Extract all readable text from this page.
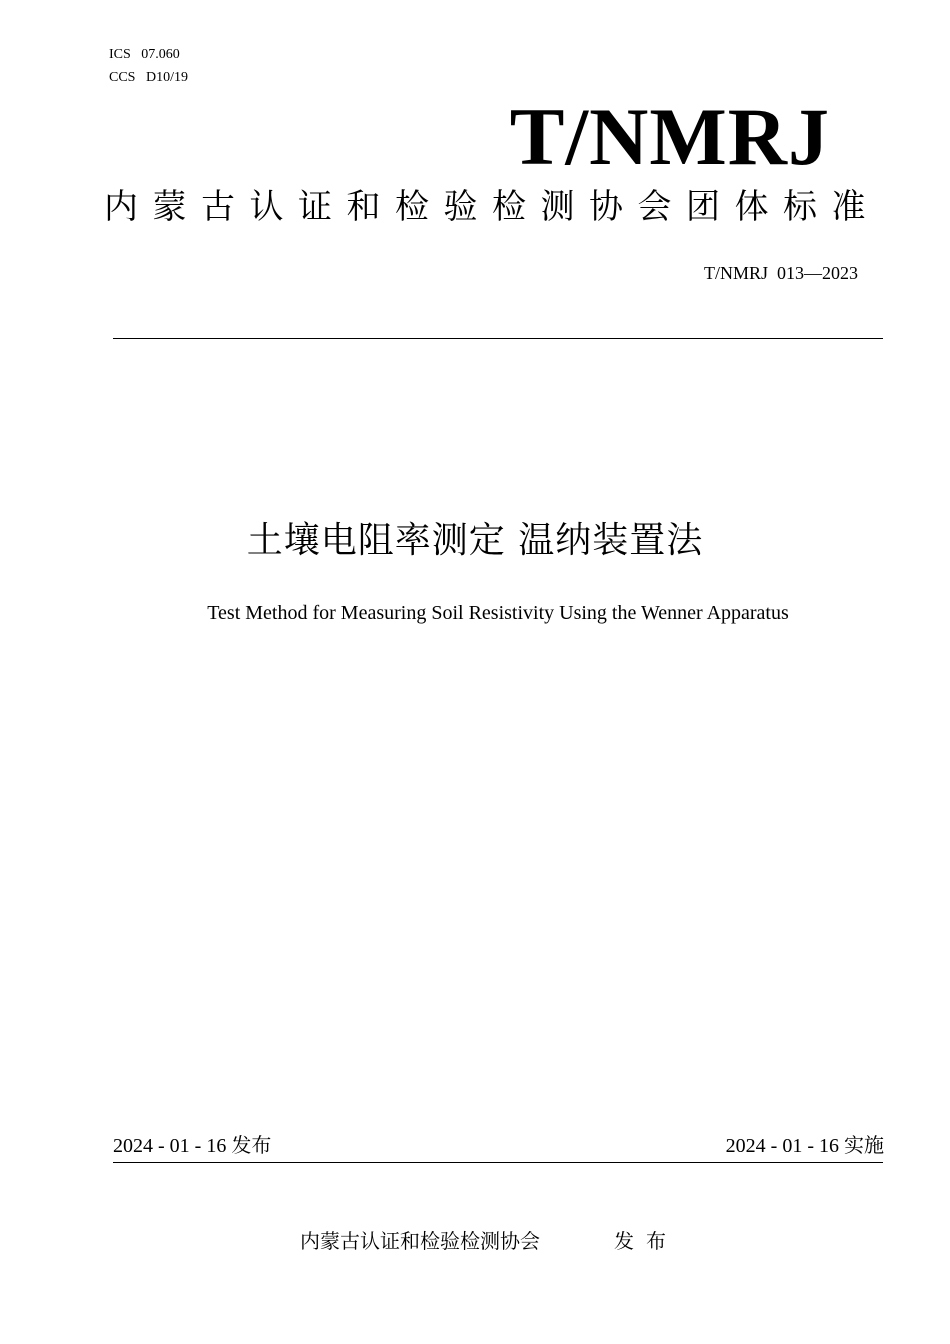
ICS   07.060
CCS   D10/19
T/NMRJ
内蒙古认证和检验检测协会团体标准
T/NMRJ  013—2023
土壤电阻率测定 温纳装置法
Test Method for Measuring Soil Resistivity Using the Wenner Apparatus
2024 - 01 - 16 发布	2024 - 01 - 16 实施
内蒙古认证和检验检测协会	发布
